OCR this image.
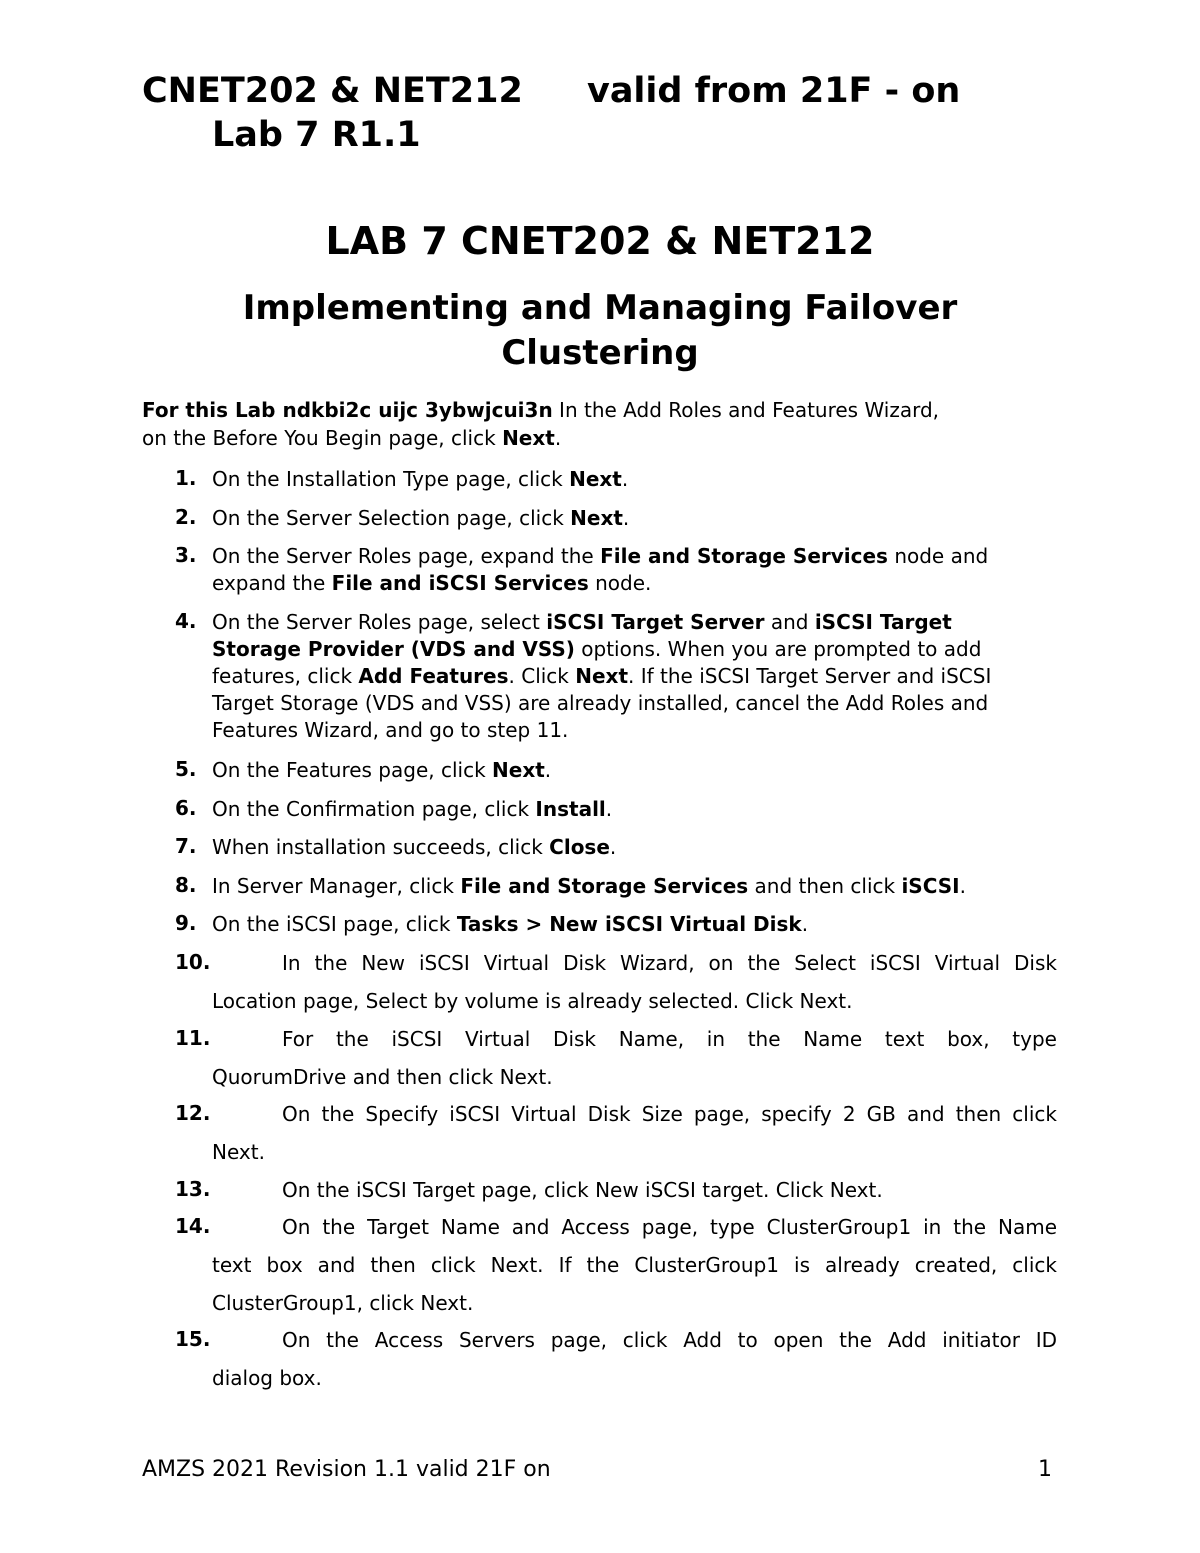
CNET202 & NET212 valid from 21F - on
Lab 7 R1.1
LAB 7 CNET202 & NET212
Implementing and Managing Failover Clustering
For this Lab ndkbi2c uijc 3ybwjcui3n In the Add Roles and Features Wizard,
on the Before You Begin page, click Next.
1. On the Installation Type page, click Next.
2. On the Server Selection page, click Next.
3. On the Server Roles page, expand the File and Storage Services node and
expand the File and iSCSI Services node.
4. On the Server Roles page, select iSCSI Target Server and iSCSI Target
Storage Provider (VDS and VSS) options. When you are prompted to add
features, click Add Features. Click Next. If the iSCSI Target Server and iSCSI
Target Storage (VDS and VSS) are already installed, cancel the Add Roles and
Features Wizard, and go to step 11.
5. On the Features page, click Next.
6. On the Confirmation page, click Install.
7. When installation succeeds, click Close.
8. In Server Manager, click File and Storage Services and then click iSCSI.
9. On the iSCSI page, click Tasks > New iSCSI Virtual Disk.
10.	In the New iSCSI Virtual Disk Wizard, on the Select iSCSI Virtual Disk
Location page, Select by volume is already selected. Click Next.
11.	For the iSCSI Virtual Disk Name, in the Name text box, type
QuorumDrive and then click Next.
12.	On the Specify iSCSI Virtual Disk Size page, specify 2 GB and then click
Next.
13.	On the iSCSI Target page, click New iSCSI target. Click Next.
14.	On the Target Name and Access page, type ClusterGroup1 in the Name
text box and then click Next. If the ClusterGroup1 is already created, click
ClusterGroup1, click Next.
15.	On the Access Servers page, click Add to open the Add initiator ID
dialog box.
AMZS 2021 Revision 1.1 valid 21F on	1
